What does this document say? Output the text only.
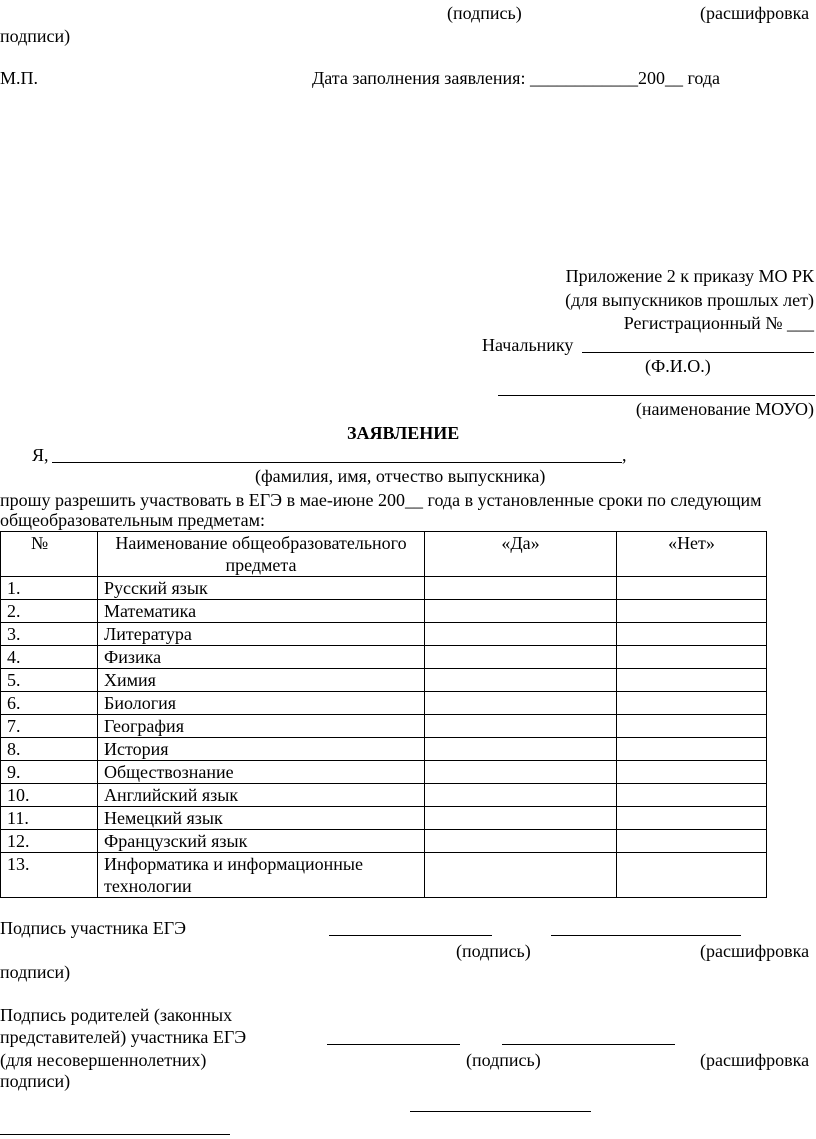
(подпись)	(расшифровка
подписи)
М.П.	Дата заполнения заявления: ____________200__ года
Приложение 2 к приказу МО РК
(для выпускников прошлых лет)
Регистрационный № ___
Начальнику
(Ф.И.О.)
(наименование МОУО)
ЗАЯВЛЕНИЕ
Я,	,
(фамилия, имя, отчество выпускника)
прошу разрешить участвовать в ЕГЭ в мае-июне 200__ года в установленные сроки по следующим
общеобразовательным предметам:
№	Наименование общеобразовательного предмета	«Да»	«Нет»
1.	Русский язык		
2.	Математика		
3.	Литература		
4.	Физика		
5.	Химия		
6.	Биология		
7.	География		
8.	История		
9.	Обществознание		
10.	Английский язык		
11.	Немецкий язык		
12.	Французский язык		
13.	Информатика и информационные технологии		
Подпись участника ЕГЭ
(подпись)	(расшифровка
подписи)
Подпись родителей (законных
представителей) участника ЕГЭ
(для несовершеннолетних)	(подпись)	(расшифровка
подписи)
